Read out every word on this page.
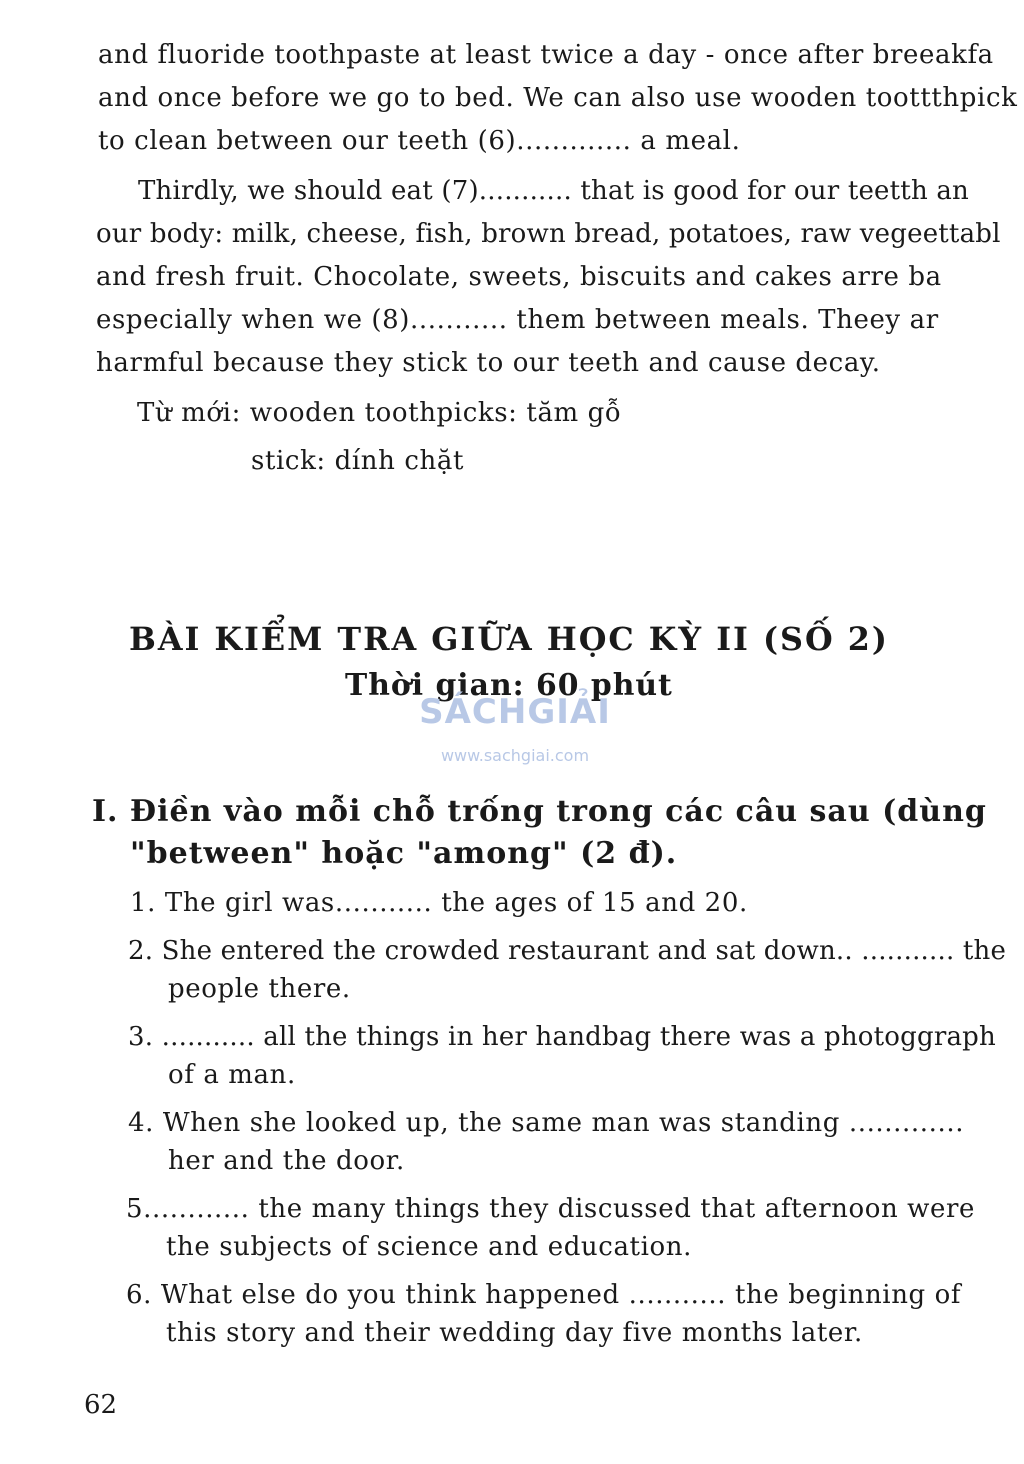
and fluoride toothpaste at least twice a day - once after breeakfa
and once before we go to bed. We can also use wooden toottthpick
to clean between our teeth (6)............. a meal.
Thirdly, we should eat (7)........... that is good for our teetth an
our body: milk, cheese, fish, brown bread, potatoes, raw vegeettabl
and fresh fruit. Chocolate, sweets, biscuits and cakes arre ba
especially when we (8)........... them between meals. Theey ar
harmful because they stick to our teeth and cause decay.
Từ mới: wooden toothpicks: tăm gỗ
stick: dính chặt
BÀI KIỂM TRA GIỮA HỌC KỲ II (SỐ 2)
Thời gian: 60 phút
SÁCHGIẢI
www.sachgiai.com
I. Điền vào mỗi chỗ trống trong các câu sau (dùng
"between" hoặc "among" (2 đ).
1. The girl was........... the ages of 15 and 20.
2. She entered the crowded restaurant and sat down.. ........... the
people there.
3. ........... all the things in her handbag there was a photoggraph
of a man.
4. When she looked up, the same man was standing .............
her and the door.
5............ the many things they discussed that afternoon were
the subjects of science and education.
6. What else do you think happened ........... the beginning of
this story and their wedding day five months later.
62
